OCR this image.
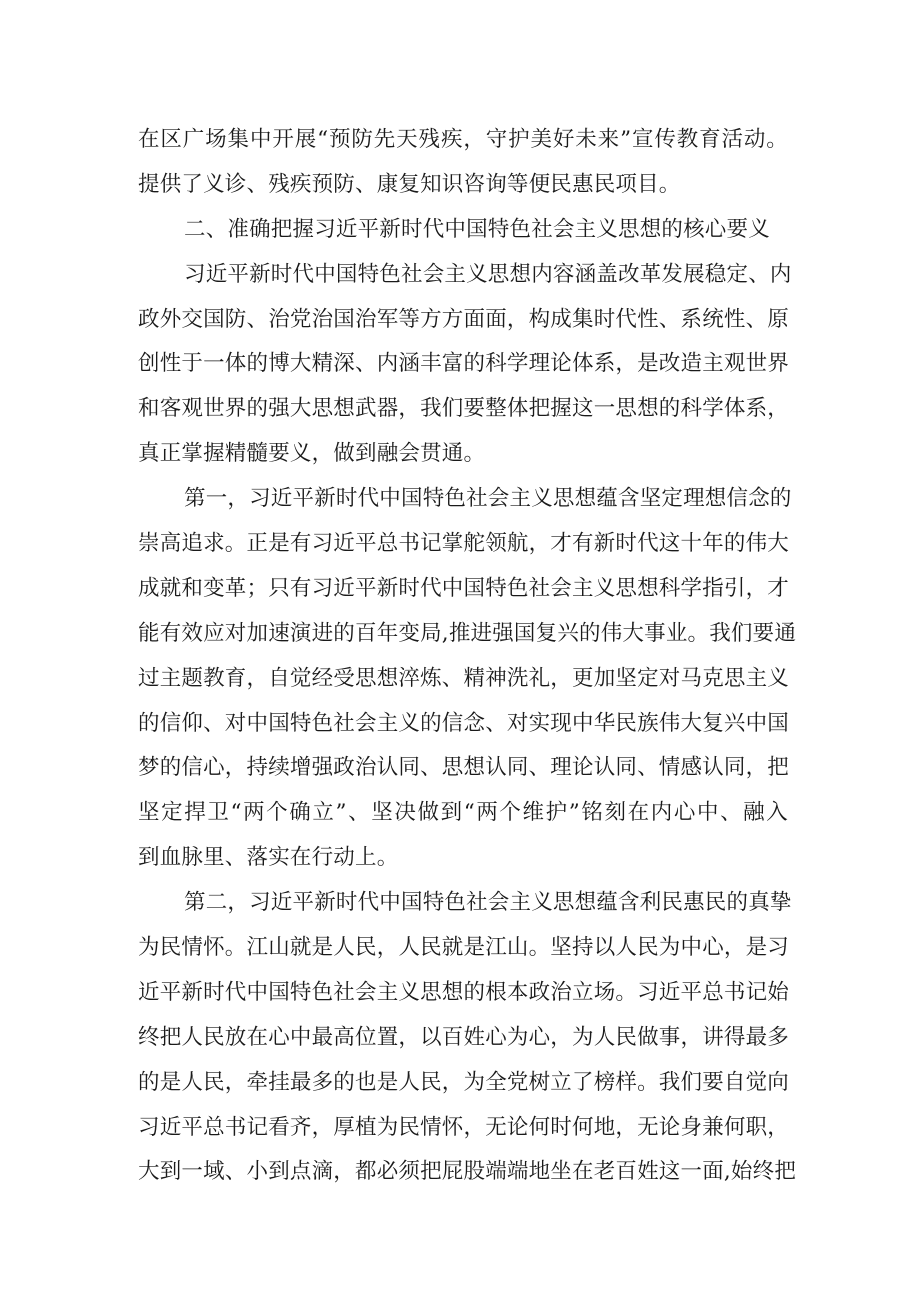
在区广场集中开展“预防先天残疾，守护美好未来”宣传教育活动。
提供了义诊、残疾预防、康复知识咨询等便民惠民项目。
二、准确把握习近平新时代中国特色社会主义思想的核心要义
习近平新时代中国特色社会主义思想内容涵盖改革发展稳定、内
政外交国防、治党治国治军等方方面面，构成集时代性、系统性、原
创性于一体的博大精深、内涵丰富的科学理论体系，是改造主观世界
和客观世界的强大思想武器，我们要整体把握这一思想的科学体系，
真正掌握精髓要义，做到融会贯通。
第一，习近平新时代中国特色社会主义思想蕴含坚定理想信念的
崇高追求。正是有习近平总书记掌舵领航，才有新时代这十年的伟大
成就和变革；只有习近平新时代中国特色社会主义思想科学指引，才
能有效应对加速演进的百年变局,推进强国复兴的伟大事业。我们要通
过主题教育，自觉经受思想淬炼、精神洗礼，更加坚定对马克思主义
的信仰、对中国特色社会主义的信念、对实现中华民族伟大复兴中国
梦的信心，持续增强政治认同、思想认同、理论认同、情感认同，把
坚定捍卫“两个确立”、坚决做到“两个维护”铭刻在内心中、融入
到血脉里、落实在行动上。
第二，习近平新时代中国特色社会主义思想蕴含利民惠民的真挚
为民情怀。江山就是人民，人民就是江山。坚持以人民为中心，是习
近平新时代中国特色社会主义思想的根本政治立场。习近平总书记始
终把人民放在心中最高位置，以百姓心为心，为人民做事，讲得最多
的是人民，牵挂最多的也是人民，为全党树立了榜样。我们要自觉向
习近平总书记看齐，厚植为民情怀，无论何时何地，无论身兼何职，
大到一域、小到点滴，都必须把屁股端端地坐在老百姓这一面,始终把
